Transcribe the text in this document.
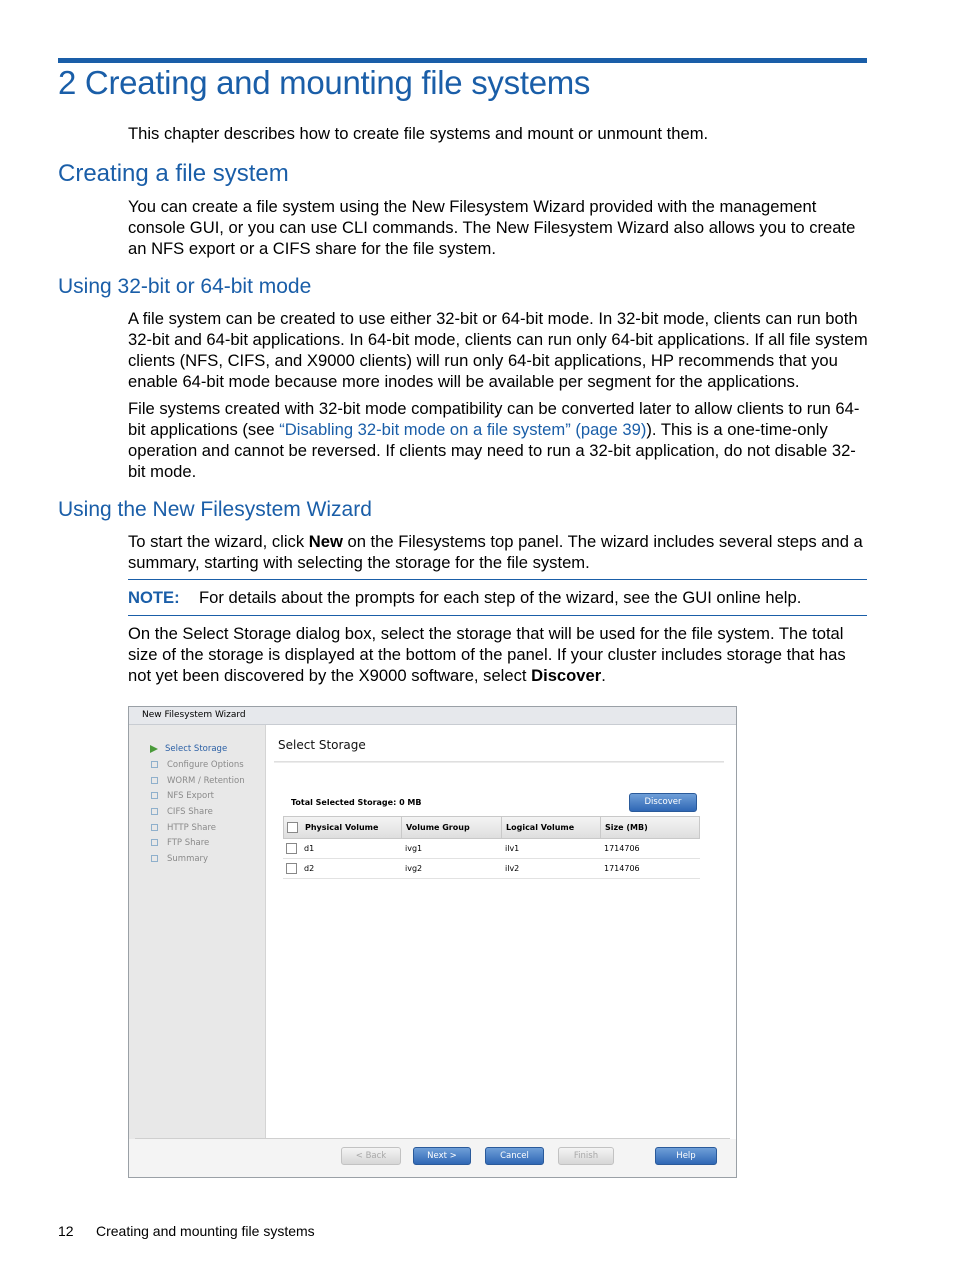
2 Creating and mounting file systems

This chapter describes how to create file systems and mount or unmount them.

Creating a file system

You can create a file system using the New Filesystem Wizard provided with the management console GUI, or you can use CLI commands. The New Filesystem Wizard also allows you to create an NFS export or a CIFS share for the file system.

Using 32-bit or 64-bit mode

A file system can be created to use either 32-bit or 64-bit mode. In 32-bit mode, clients can run both 32-bit and 64-bit applications. In 64-bit mode, clients can run only 64-bit applications. If all file system clients (NFS, CIFS, and X9000 clients) will run only 64-bit applications, HP recommends that you enable 64-bit mode because more inodes will be available per segment for the applications.

File systems created with 32-bit mode compatibility can be converted later to allow clients to run 64-bit applications (see “Disabling 32-bit mode on a file system” (page 39)). This is a one-time-only operation and cannot be reversed. If clients may need to run a 32-bit application, do not disable 32-bit mode.

Using the New Filesystem Wizard

To start the wizard, click New on the Filesystems top panel. The wizard includes several steps and a summary, starting with selecting the storage for the file system.

NOTE: For details about the prompts for each step of the wizard, see the GUI online help.

On the Select Storage dialog box, select the storage that will be used for the file system. The total size of the storage is displayed at the bottom of the panel. If your cluster includes storage that has not yet been discovered by the X9000 software, select Discover.

New Filesystem Wizard
Select Storage
Configure Options
WORM / Retention
NFS Export
CIFS Share
HTTP Share
FTP Share
Summary
Select Storage
Total Selected Storage: 0 MB	Discover
Physical Volume	Volume Group	Logical Volume	Size (MB)
d1	ivg1	ilv1	1714706
d2	ivg2	ilv2	1714706
< Back	Next >	Cancel	Finish	Help
12 Creating and mounting file systems
